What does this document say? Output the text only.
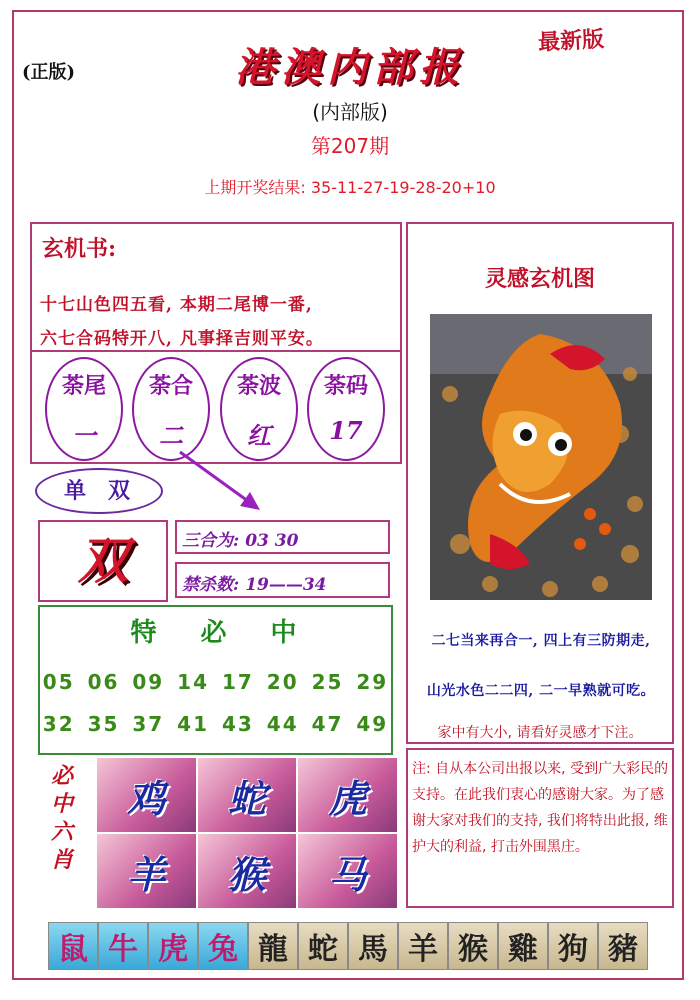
(正版)
最新版
港澳内部报
(内部版)
第207期
上期开奖结果: 35-11-27-19-28-20+10
玄机书:
十七山色四五看, 本期二尾博一番,
六七合码特开八, 凡事择吉则平安。
荼尾
一
荼合
二
荼波
红
荼码
17
单双
双	三合为: 03 30
禁杀数: 19——34
特必中
05 06 09 14 17 20 25 29
32 35 37 41 43 44 47 49
必
中
六
肖
鸡	蛇	虎
羊	猴	马
灵感玄机图
二七当来再合一, 四上有三防期走,
山光水色二二四, 二一早熟就可吃。
家中有大小, 请看好灵感才下注。
注: 自从本公司出报以来, 受到广大彩民的支持。在此我们衷心的感谢大家。为了感谢大家对我们的支持, 我们将特出此报, 维护大的利益, 打击外围黑庄。
鼠 牛 虎 兔 龍 蛇 馬 羊 猴 雞 狗 豬
